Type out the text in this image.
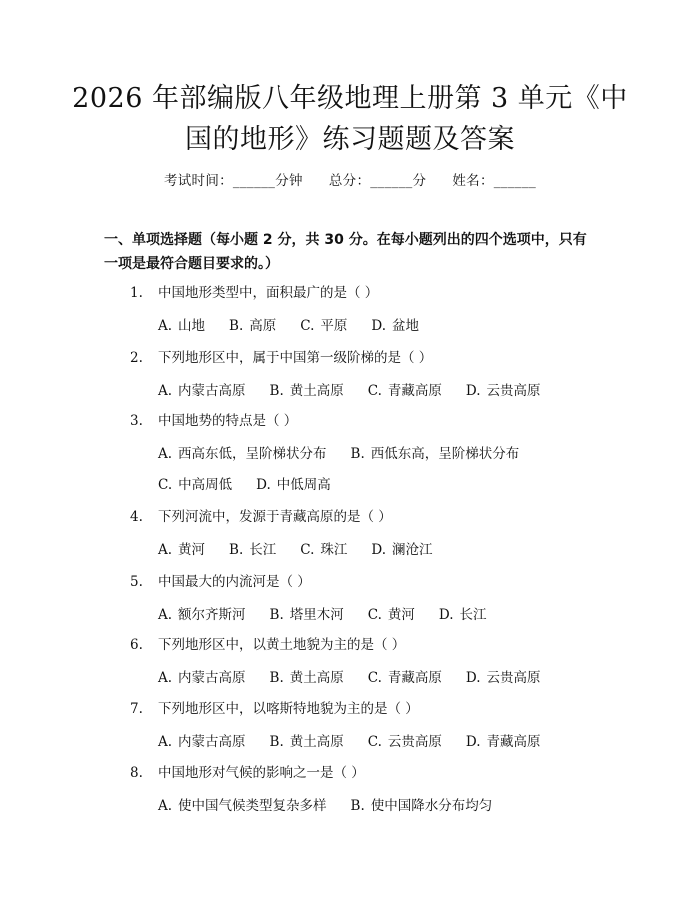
2026 年部编版八年级地理上册第 3 单元《中
国的地形》练习题题及答案
考试时间：______分钟 总分：______分 姓名：______
一、单项选择题（每小题 2 分，共 30 分。在每小题列出的四个选项中，只有一项是最符合题目要求的。）
1. 中国地形类型中，面积最广的是（ ）
A. 山地 B. 高原 C. 平原 D. 盆地
2. 下列地形区中，属于中国第一级阶梯的是（ ）
A. 内蒙古高原 B. 黄土高原 C. 青藏高原 D. 云贵高原
3. 中国地势的特点是（ ）
A. 西高东低，呈阶梯状分布 B. 西低东高，呈阶梯状分布
C. 中高周低 D. 中低周高
4. 下列河流中，发源于青藏高原的是（ ）
A. 黄河 B. 长江 C. 珠江 D. 澜沧江
5. 中国最大的内流河是（ ）
A. 额尔齐斯河 B. 塔里木河 C. 黄河 D. 长江
6. 下列地形区中，以黄土地貌为主的是（ ）
A. 内蒙古高原 B. 黄土高原 C. 青藏高原 D. 云贵高原
7. 下列地形区中，以喀斯特地貌为主的是（ ）
A. 内蒙古高原 B. 黄土高原 C. 云贵高原 D. 青藏高原
8. 中国地形对气候的影响之一是（ ）
A. 使中国气候类型复杂多样 B. 使中国降水分布均匀
